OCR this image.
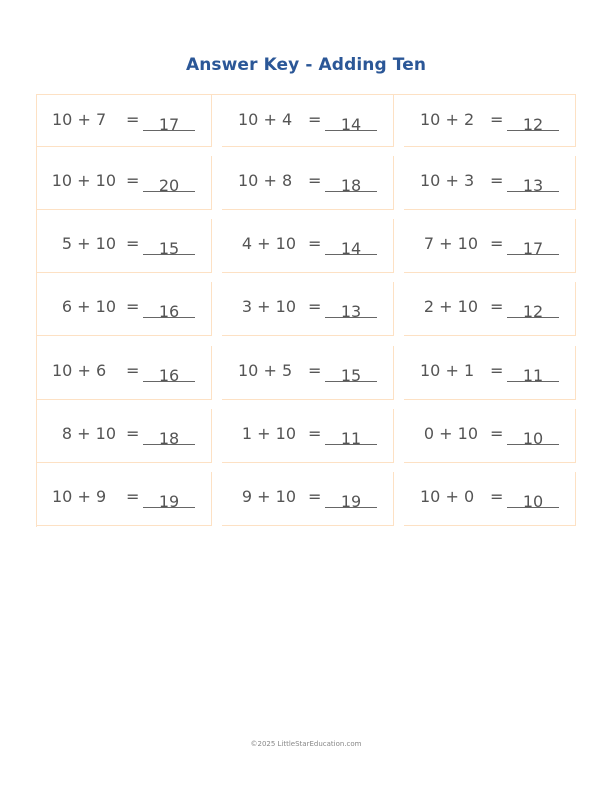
Answer Key - Adding Ten
10 + 7 =	17	10 + 4 =	14	10 + 2 =	12
10 + 10 =	20	10 + 8 =	18	10 + 3 =	13
5 + 10 =	15	4 + 10 =	14	7 + 10 =	17
6 + 10 =	16	3 + 10 =	13	2 + 10 =	12
10 + 6 =	16	10 + 5 =	15	10 + 1 =	11
8 + 10 =	18	1 + 10 =	11	0 + 10 =	10
10 + 9 =	19	9 + 10 =	19	10 + 0 =	10
©2025 LittleStarEducation.com
